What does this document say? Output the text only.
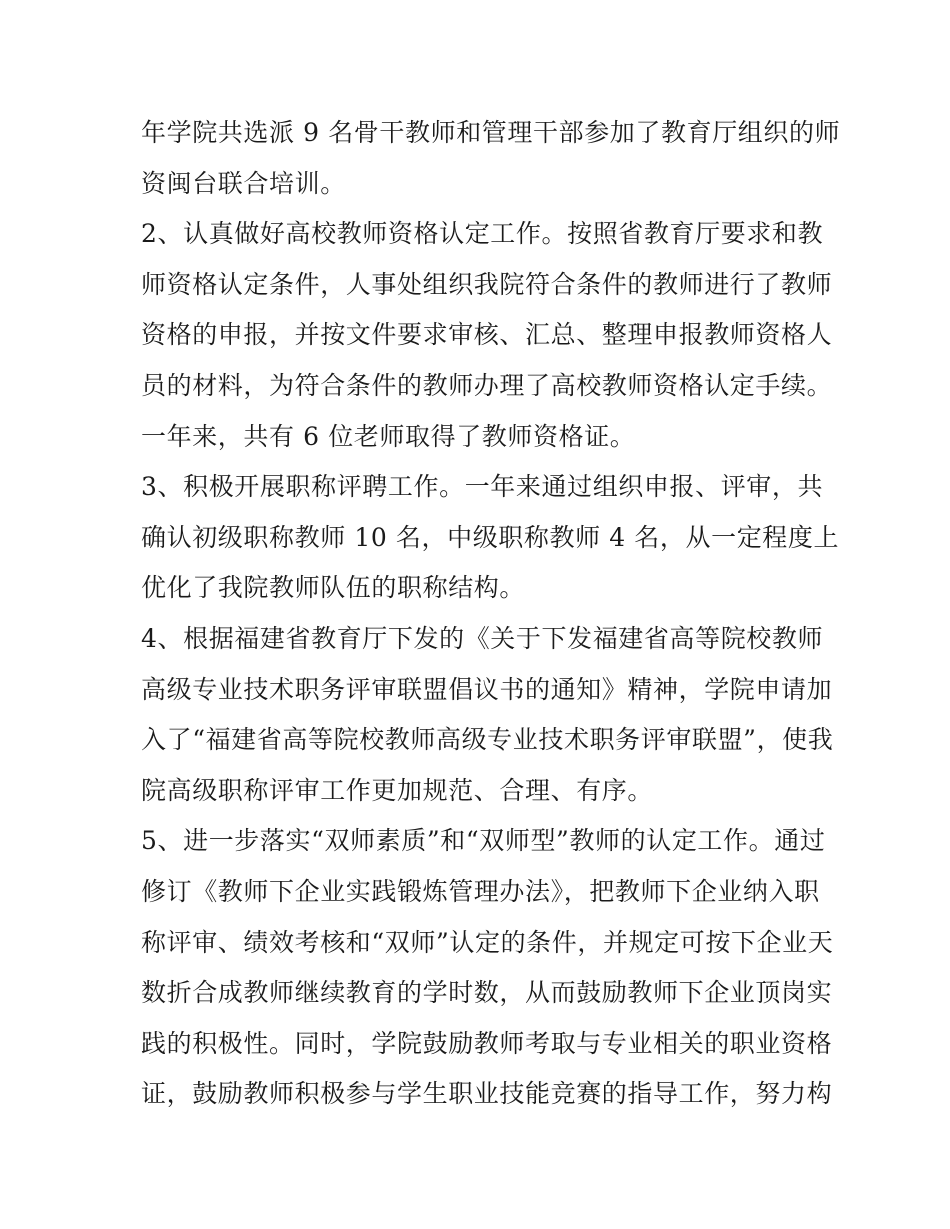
年学院共选派 9 名骨干教师和管理干部参加了教育厅组织的师
资闽台联合培训。
2、认真做好高校教师资格认定工作。按照省教育厅要求和教
师资格认定条件，人事处组织我院符合条件的教师进行了教师
资格的申报，并按文件要求审核、汇总、整理申报教师资格人
员的材料，为符合条件的教师办理了高校教师资格认定手续。
一年来，共有 6 位老师取得了教师资格证。
3、积极开展职称评聘工作。一年来通过组织申报、评审，共
确认初级职称教师 10 名，中级职称教师 4 名，从一定程度上
优化了我院教师队伍的职称结构。
4、根据福建省教育厅下发的《关于下发福建省高等院校教师
高级专业技术职务评审联盟倡议书的通知》精神，学院申请加
入了“福建省高等院校教师高级专业技术职务评审联盟”，使我
院高级职称评审工作更加规范、合理、有序。
5、进一步落实“双师素质”和“双师型”教师的认定工作。通过
修订《教师下企业实践锻炼管理办法》，把教师下企业纳入职
称评审、绩效考核和“双师”认定的条件，并规定可按下企业天
数折合成教师继续教育的学时数，从而鼓励教师下企业顶岗实
践的积极性。同时，学院鼓励教师考取与专业相关的职业资格
证，鼓励教师积极参与学生职业技能竞赛的指导工作，努力构
